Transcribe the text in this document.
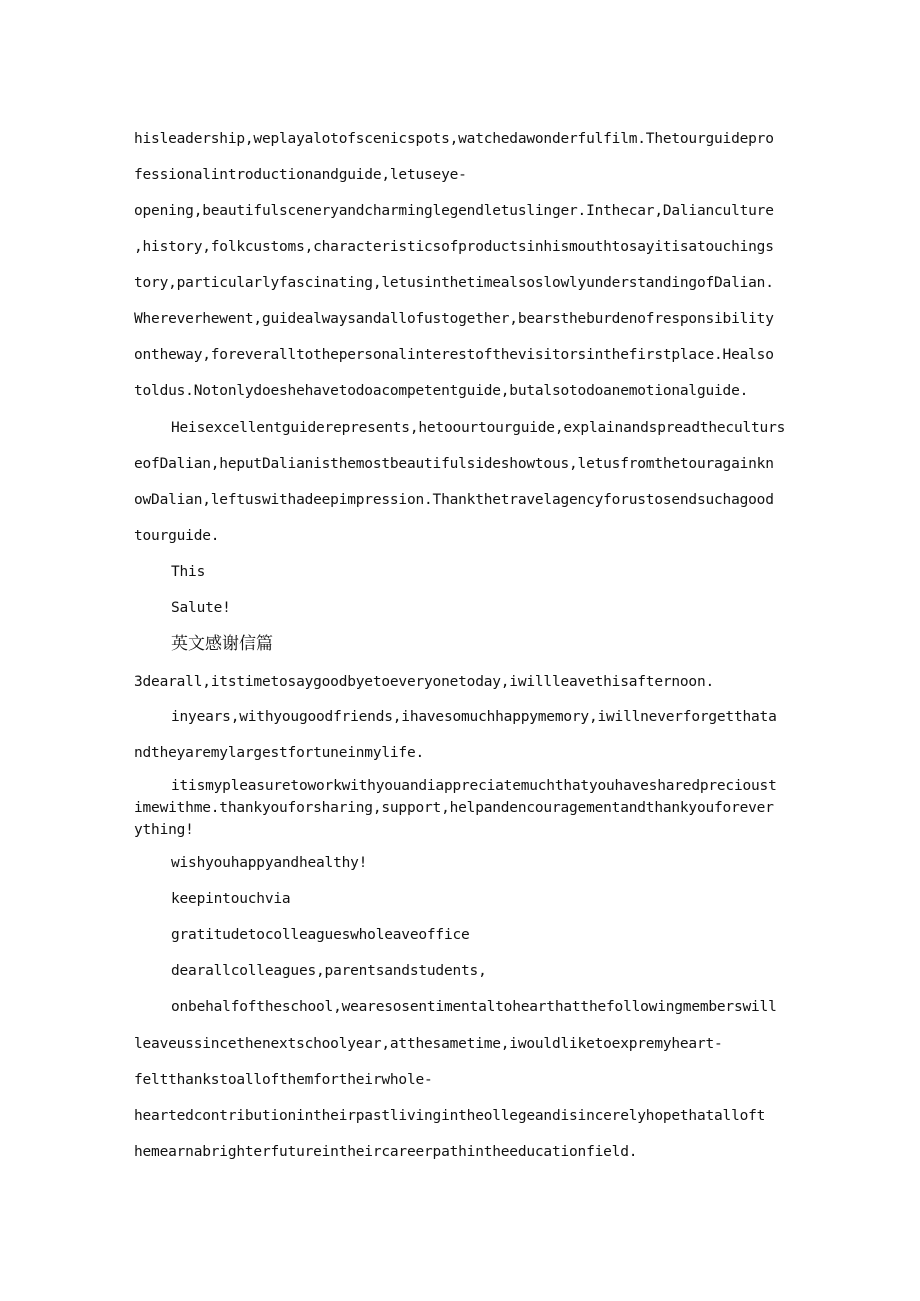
hisleadership,weplayalotofscenicspots,watchedawonderfulfilm.Thetourguidepro
fessionalintroductionandguide,letuseye-
opening,beautifulsceneryandcharminglegendletuslinger.Inthecar,Dalianculture
,history,folkcustoms,characteristicsofproductsinhismouthtosayitisatouchings
tory,particularlyfascinating,letusinthetimealsoslowlyunderstandingofDalian.
Whereverhewent,guidealwaysandallofustogether,bearstheburdenofresponsibility
ontheway,foreveralltothepersonalinterestofthevisitorsinthefirstplace.Healso
toldus.Notonlydoeshehavetodoacompetentguide,butalsotodoanemotionalguide.
Heisexcellentguiderepresents,hetoourtourguide,explainandspreadtheculturs
eofDalian,heputDalianisthemostbeautifulsideshowtous,letusfromthetouragainkn
owDalian,leftuswithadeepimpression.Thankthetravelagencyforustosendsuchagood
tourguide.
This
Salute!
英文感谢信篇
3dearall,itstimetosaygoodbyetoeveryonetoday,iwillleavethisafternoon.
inyears,withyougoodfriends,ihavesomuchhappymemory,iwillneverforgetthata
ndtheyaremylargestfortuneinmylife.
itismypleasuretoworkwithyouandiappreciatemuchthatyouhavesharedprecioust
imewithme.thankyouforsharing,support,helpandencouragementandthankyouforever
ything!
wishyouhappyandhealthy!
keepintouchvia
gratitudetocolleagueswholeaveoffice
dearallcolleagues,parentsandstudents,
onbehalfoftheschool,wearesosentimentaltohearthatthefollowingmemberswill
leaveussincethenextschoolyear,atthesametime,iwouldliketoexpremyheart-
feltthankstoallofthemfortheirwhole-
heartedcontributionintheirpastlivingintheollegeandisincerelyhopethatalloft
hemearnabrighterfutureintheircareerpathintheeducationfield.
